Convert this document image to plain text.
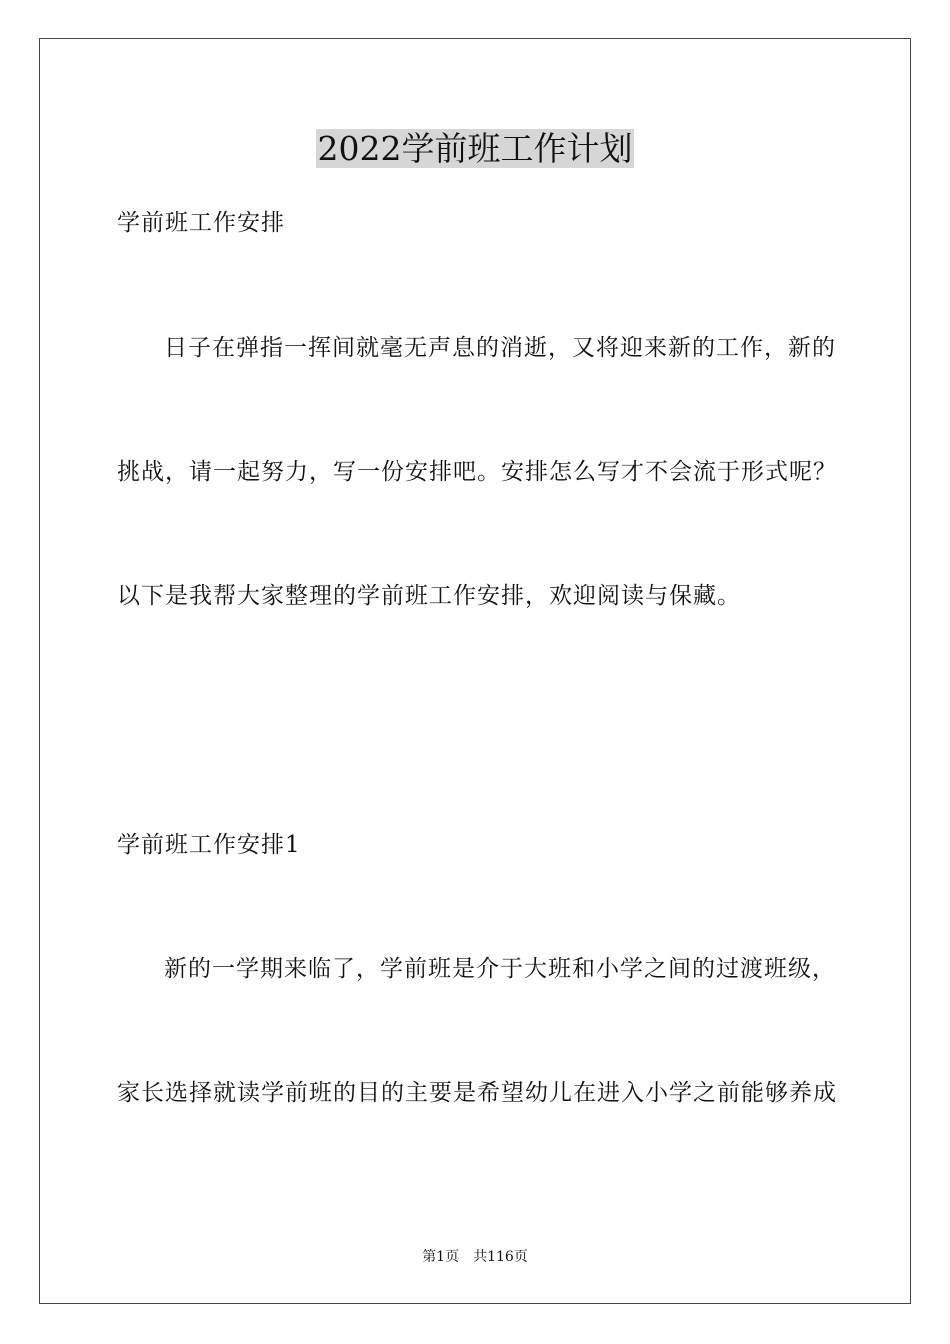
2022学前班工作计划
学前班工作安排
日子在弹指一挥间就毫无声息的消逝，又将迎来新的工作，新的
挑战，请一起努力，写一份安排吧。安排怎么写才不会流于形式呢？
以下是我帮大家整理的学前班工作安排，欢迎阅读与保藏。
学前班工作安排1
新的一学期来临了，学前班是介于大班和小学之间的过渡班级，
家长选择就读学前班的目的主要是希望幼儿在进入小学之前能够养成
第1页 共116页
